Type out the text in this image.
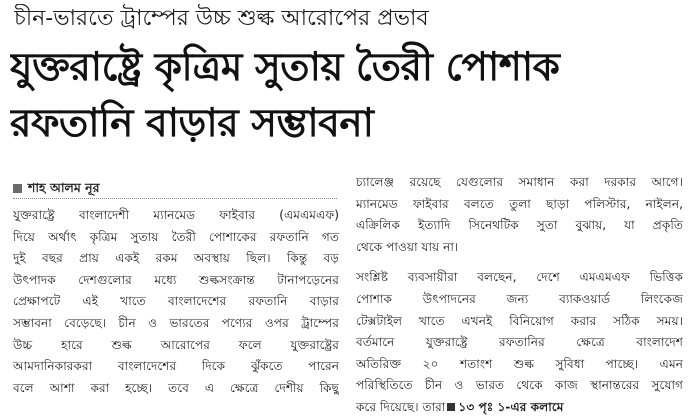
চীন-ভারতে ট্রাম্পের উচ্চ শুল্ক আরোপের প্রভাব
যুক্তরাষ্ট্রে কৃত্রিম সুতায় তৈরী পোশাক
রফতানি বাড়ার সম্ভাবনা
শাহ আলম নূর
যুক্তরাষ্ট্রে বাংলাদেশী ম্যানমেড ফাইবার (এমএমএফ)
দিয়ে অর্থাৎ কৃত্রিম সুতায় তৈরী পোশাকের রফতানি গত
দুই বছর প্রায় একই রকম অবস্থায় ছিল। কিন্তু বড়
উৎপাদক দেশগুলোর মধ্যে শুল্কসংক্রান্ত টানাপড়েনের
প্রেক্ষাপটে এই খাতে বাংলাদেশের রফতানি বাড়ার
সম্ভাবনা বেড়েছে। চীন ও ভারতের পণ্যের ওপর ট্রাম্পের
উচ্চ হারে শুল্ক আরোপের ফলে যুক্তরাষ্ট্রের
আমদানিকারকরা বাংলাদেশের দিকে ঝুঁকতে পারেন
বলে আশা করা হচ্ছে। তবে এ ক্ষেত্রে দেশীয় কিছু
চ্যালেঞ্জ রয়েছে যেগুলোর সমাধান করা দরকার আগে।
ম্যানমেড ফাইবার বলতে তুলা ছাড়া পলিস্টার, নাইলন,
এক্রিলিক ইত্যাদি সিনেথটিক সুতা বুঝায়, যা প্রকৃতি
থেকে পাওয়া যায় না।
সংশ্লিষ্ট ব্যবসায়ীরা বলছেন, দেশে এমএমএফ ভিত্তিক
পোশাক উৎপাদনের জন্য ব্যাকওয়ার্ড লিংকেজ
টেক্সটাইল খাতে এখনই বিনিয়োগ করার সঠিক সময়।
বর্তমানে যুক্তরাষ্ট্রে রফতানির ক্ষেত্রে বাংলাদেশ
অতিরিক্ত ২০ শতাংশ শুল্ক সুবিধা পাচ্ছে। এমন
পরিস্থিতিতে চীন ও ভারত থেকে কাজ স্থানান্তরের সুযোগ
করে দিয়েছে। তারা ১৩ পৃঃ ১-এর কলামে
